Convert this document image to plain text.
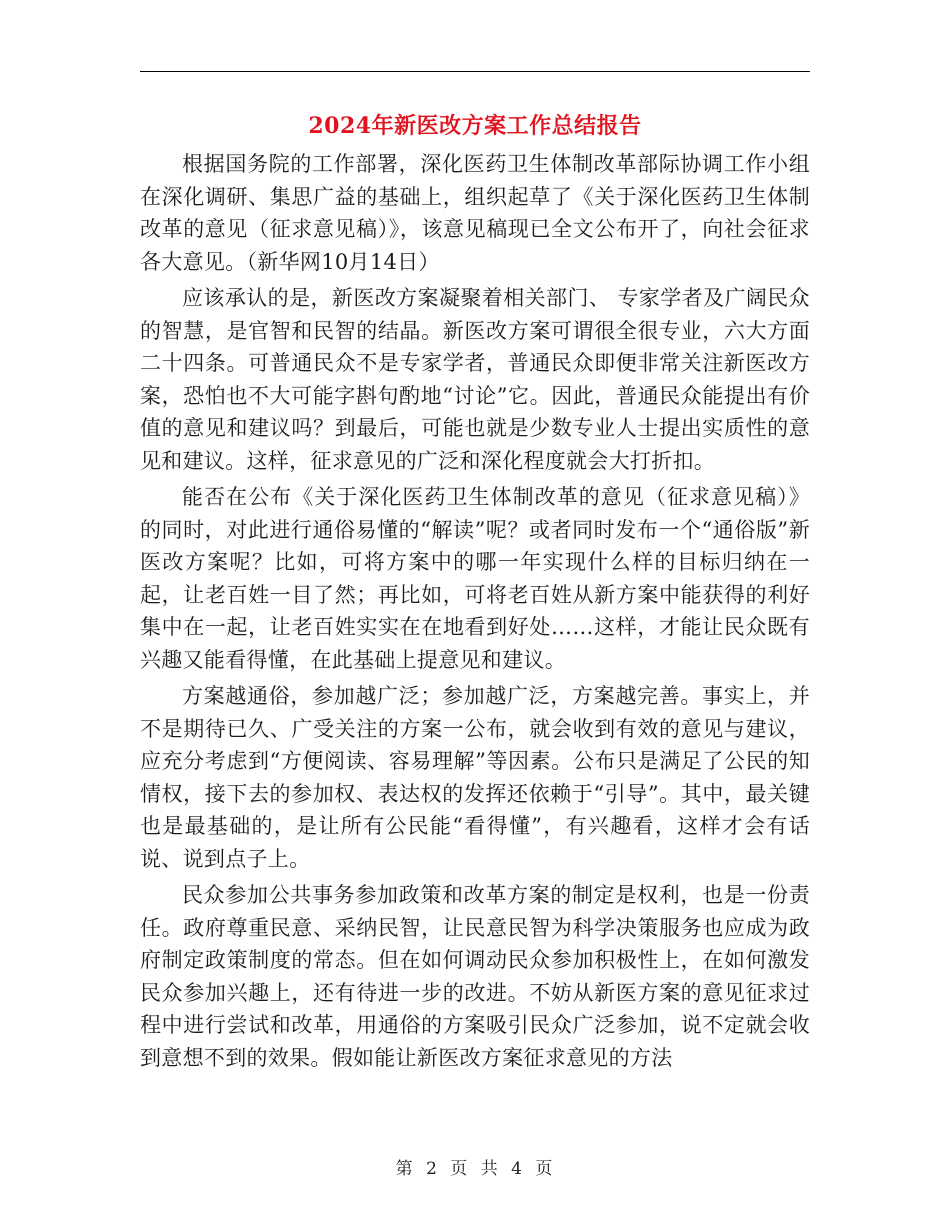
2024年新医改方案工作总结报告

根据国务院的工作部署，深化医药卫生体制改革部际协调工作小组在深化调研、集思广益的基础上，组织起草了《关于深化医药卫生体制改革的意见（征求意见稿）》，该意见稿现已全文公布开了，向社会征求各大意见。（新华网10月14日）

应该承认的是，新医改方案凝聚着相关部门、 专家学者及广阔民众的智慧，是官智和民智的结晶。新医改方案可谓很全很专业，六大方面二十四条。可普通民众不是专家学者，普通民众即便非常关注新医改方案，恐怕也不大可能字斟句酌地“讨论”它。因此，普通民众能提出有价值的意见和建议吗？到最后，可能也就是少数专业人士提出实质性的意见和建议。这样，征求意见的广泛和深化程度就会大打折扣。

能否在公布《关于深化医药卫生体制改革的意见（征求意见稿）》的同时，对此进行通俗易懂的“解读”呢？或者同时发布一个“通俗版”新医改方案呢？比如，可将方案中的哪一年实现什么样的目标归纳在一起，让老百姓一目了然；再比如，可将老百姓从新方案中能获得的利好集中在一起，让老百姓实实在在地看到好处……这样，才能让民众既有兴趣又能看得懂，在此基础上提意见和建议。

方案越通俗，参加越广泛；参加越广泛，方案越完善。事实上，并不是期待已久、广受关注的方案一公布，就会收到有效的意见与建议，应充分考虑到“方便阅读、容易理解”等因素。公布只是满足了公民的知情权，接下去的参加权、表达权的发挥还依赖于“引导”。其中，最关键也是最基础的，是让所有公民能“看得懂”，有兴趣看，这样才会有话说、说到点子上。

民众参加公共事务参加政策和改革方案的制定是权利，也是一份责任。政府尊重民意、采纳民智，让民意民智为科学决策服务也应成为政府制定政策制度的常态。但在如何调动民众参加积极性上，在如何激发民众参加兴趣上，还有待进一步的改进。不妨从新医方案的意见征求过程中进行尝试和改革，用通俗的方案吸引民众广泛参加，说不定就会收到意想不到的效果。假如能让新医改方案征求意见的方法

第 2 页 共 4 页
